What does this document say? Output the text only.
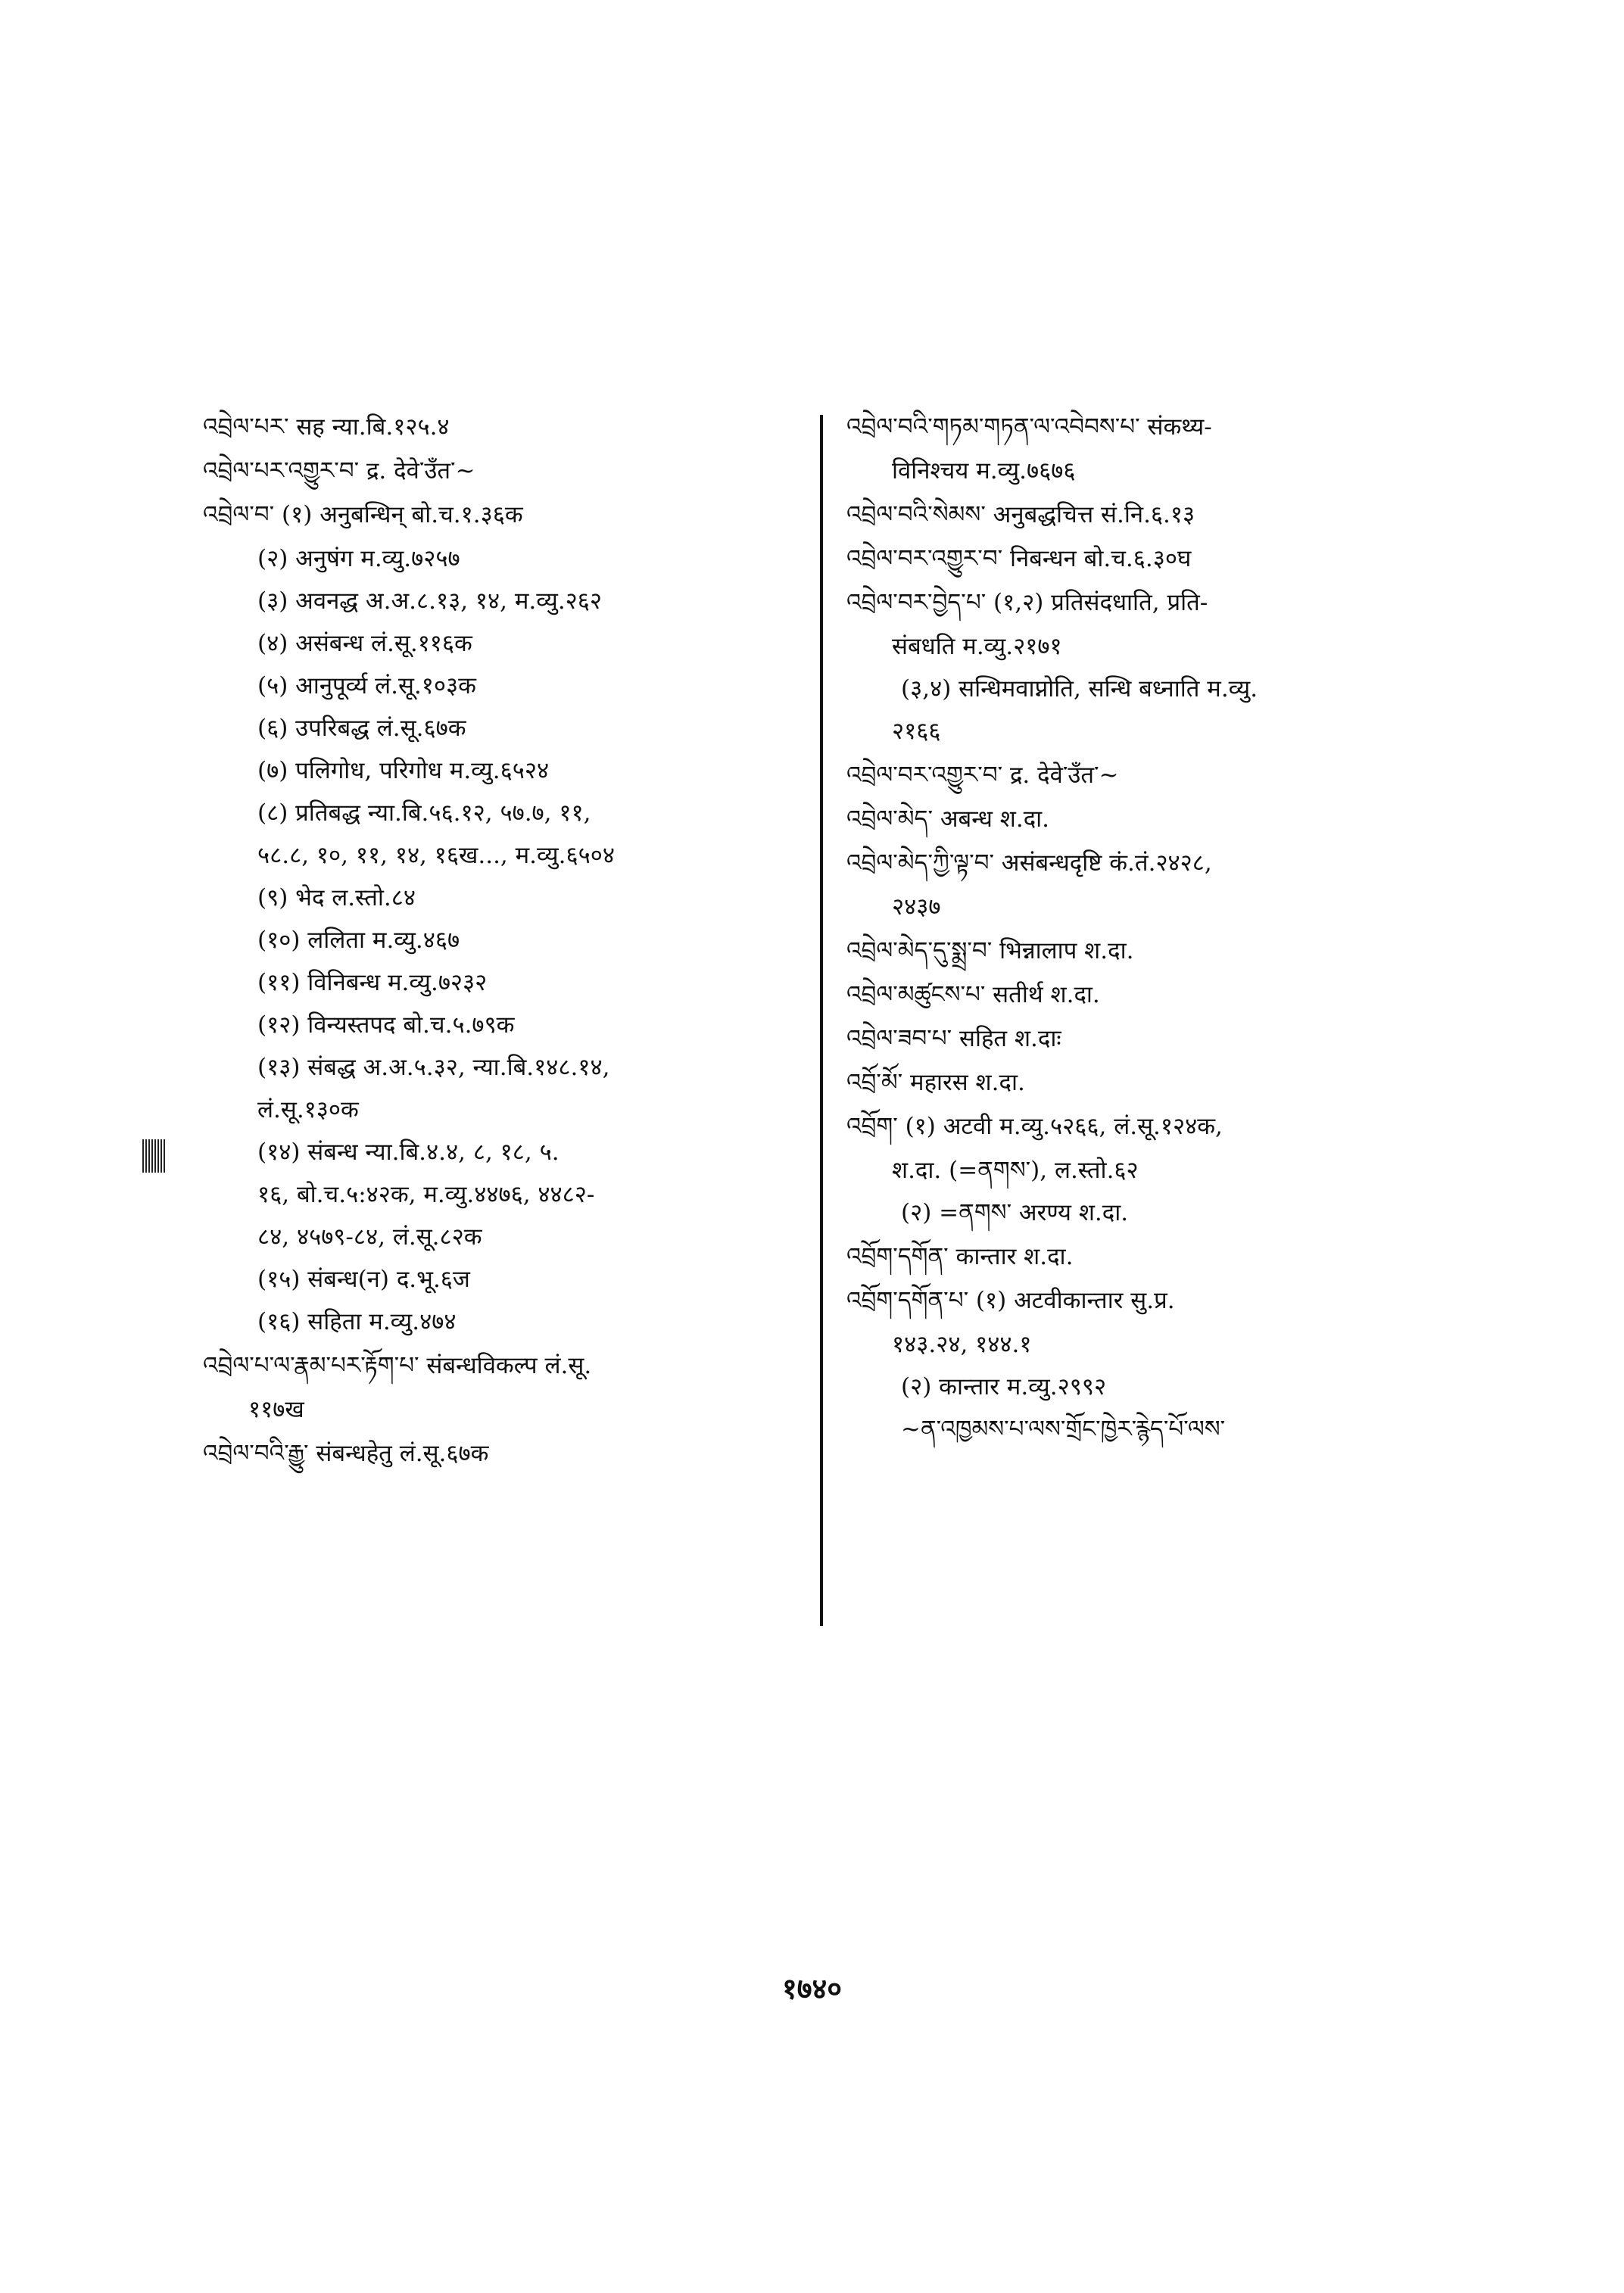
འབྲེལ་པར་ सह न्या.बि.१२५.४
འབྲེལ་པར་འགྱུར་བ་ द्र. देवे་उँत་~
འབྲེལ་བ་ (१) अनुबन्धिन् बो.च.१.३६क
(२) अनुषंग म.व्यु.७२५७
(३) अवनद्ध अ.अ.८.१३, १४, म.व्यु.२६२
(४) असंबन्ध लं.सू.११६क
(५) आनुपूर्व्य लं.सू.१०३क
(६) उपरिबद्ध लं.सू.६७क
(७) पलिगोध, परिगोध म.व्यु.६५२४
(८) प्रतिबद्ध न्या.बि.५६.१२, ५७.७, ११,
५८.८, १०, ११, १४, १६ख..., म.व्यु.६५०४
(९) भेद ल.स्तो.८४
(१०) ललिता म.व्यु.४६७
(११) विनिबन्ध म.व्यु.७२३२
(१२) विन्यस्तपद बो.च.५.७९क
(१३) संबद्ध अ.अ.५.३२, न्या.बि.१४८.१४,
लं.सू.१३०क
(१४) संबन्ध न्या.बि.४.४, ८, १८, ५.
१६, बो.च.५:४२क, म.व्यु.४४७६, ४४८२-
८४, ४५७९-८४, लं.सू.८२क
(१५) संबन्ध(न) द.भू.६ज
(१६) सहिता म.व्यु.४७४
འབྲེལ་པ་ལ་རྣམ་པར་རྟོག་པ་ संबन्धविकल्प लं.सू.
११७ख
འབྲེལ་བའི་རྒྱུ་ संबन्धहेतु लं.सू.६७क
འབྲེལ་བའི་གཏམ་གཏན་ལ་འབེབས་པ་ संकथ्य-
विनिश्चय म.व्यु.७६७६
འབྲེལ་བའི་སེམས་ अनुबद्धचित्त सं.नि.६.१३
འབྲེལ་བར་འགྱུར་བ་ निबन्धन बो.च.६.३०घ
འབྲེལ་བར་བྱེད་པ་ (१,२) प्रतिसंदधाति, प्रति-
संबधति म.व्यु.२१७१
(३,४) सन्धिमवाप्नोति, सन्धि बध्नाति म.व्यु.
२१६६
འབྲེལ་བར་འགྱུར་བ་ द्र. देवे་उँत་~
འབྲེལ་མེད་ अबन्ध श.दा.
འབྲེལ་མེད་ཀྱི་ལྟ་བ་ असंबन्धदृष्टि कं.तं.२४२८,
२४३७
འབྲེལ་མེད་དུ་སྨྲ་བ་ भिन्नालाप श.दा.
འབྲེལ་མཚུངས་པ་ सतीर्थ श.दा.
འབྲེལ་ཟབ་པ་ सहित श.दाः
འབྲོ་མོ་ महारस श.दा.
འབྲོག་ (१) अटवी म.व्यु.५२६६, लं.सू.१२४क,
श.दा. (=ནགས་), ल.स्तो.६२
(२) =ནགས་ अरण्य श.दा.
འབྲོག་དགོན་ कान्तार श.दा.
འབྲོག་དགོན་པ་ (१) अटवीकान्तार सु.प्र.
१४३.२४, १४४.१
(२) कान्तार म.व्यु.२९९२
~ན་འཁྱམས་པ་ལས་གྲོང་ཁྱེར་རྙེད་པོ་ལས་
१७४०
